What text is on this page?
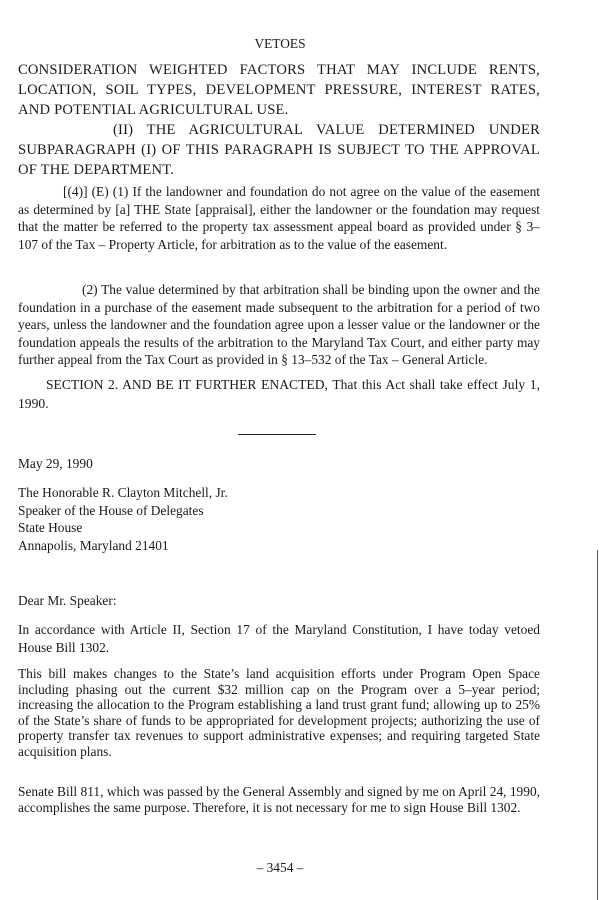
VETOES

CONSIDERATION WEIGHTED FACTORS THAT MAY INCLUDE RENTS, LOCATION, SOIL TYPES, DEVELOPMENT PRESSURE, INTEREST RATES, AND POTENTIAL AGRICULTURAL USE.

(II) THE AGRICULTURAL VALUE DETERMINED UNDER SUBPARAGRAPH (I) OF THIS PARAGRAPH IS SUBJECT TO THE APPROVAL OF THE DEPARTMENT.

[(4)] (E) (1) If the landowner and foundation do not agree on the value of the easement as determined by [a] THE State [appraisal], either the landowner or the foundation may request that the matter be referred to the property tax assessment appeal board as provided under § 3–107 of the Tax – Property Article, for arbitration as to the value of the easement.

(2) The value determined by that arbitration shall be binding upon the owner and the foundation in a purchase of the easement made subsequent to the arbitration for a period of two years, unless the landowner and the foundation agree upon a lesser value or the landowner or the foundation appeals the results of the arbitration to the Maryland Tax Court, and either party may further appeal from the Tax Court as provided in § 13–532 of the Tax – General Article.

SECTION 2. AND BE IT FURTHER ENACTED, That this Act shall take effect July 1, 1990.

May 29, 1990

The Honorable R. Clayton Mitchell, Jr.
Speaker of the House of Delegates
State House
Annapolis, Maryland 21401

Dear Mr. Speaker:

In accordance with Article II, Section 17 of the Maryland Constitution, I have today vetoed House Bill 1302.

This bill makes changes to the State’s land acquisition efforts under Program Open Space including phasing out the current $32 million cap on the Program over a 5–year period; increasing the allocation to the Program establishing a land trust grant fund; allowing up to 25% of the State’s share of funds to be appropriated for development projects; authorizing the use of property transfer tax revenues to support administrative expenses; and requiring targeted State acquisition plans.

Senate Bill 811, which was passed by the General Assembly and signed by me on April 24, 1990, accomplishes the same purpose. Therefore, it is not necessary for me to sign House Bill 1302.

– 3454 –
